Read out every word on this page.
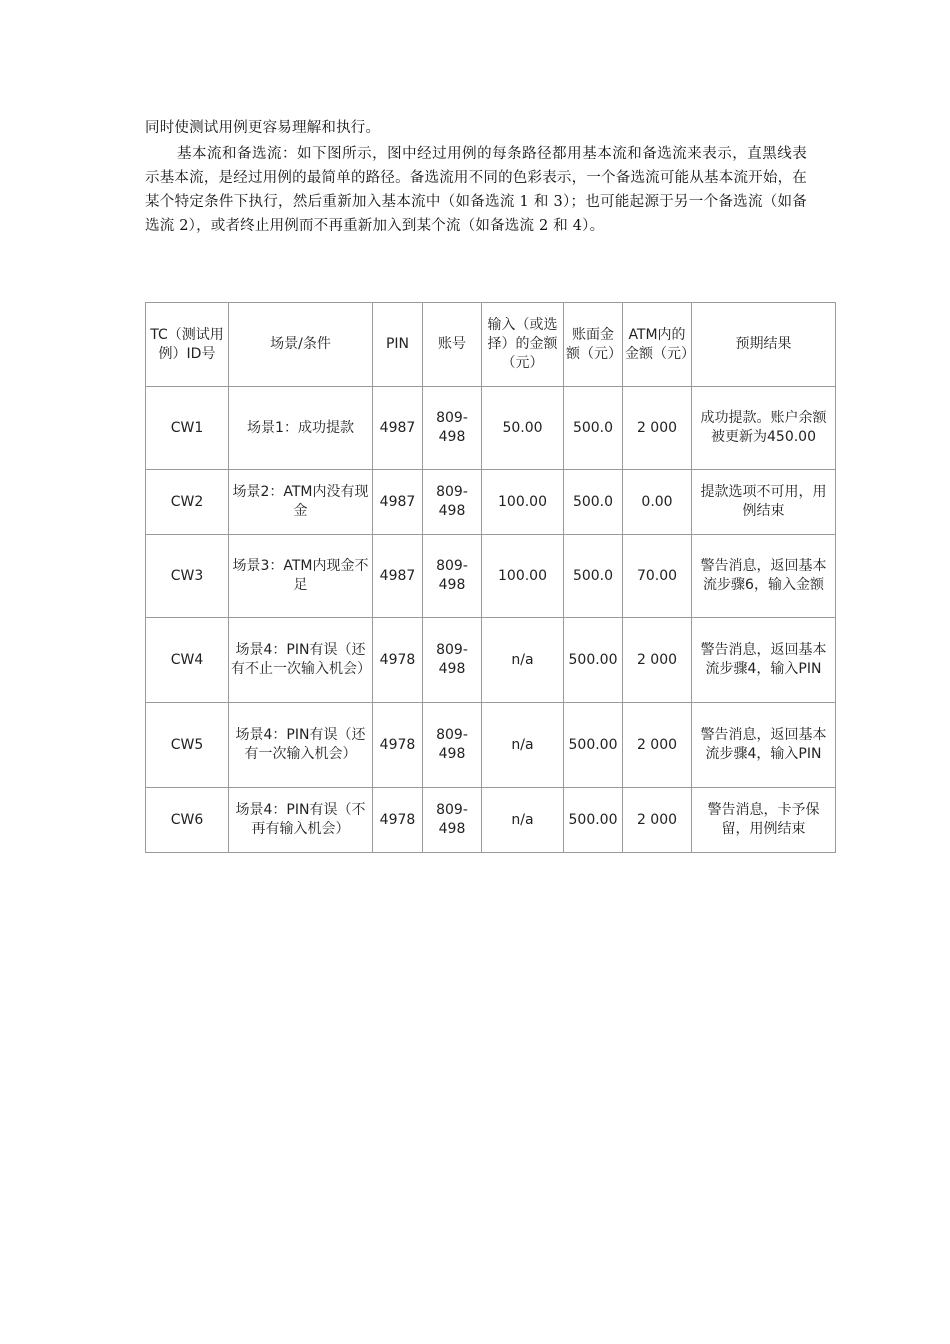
同时使测试用例更容易理解和执行。
基本流和备选流：如下图所示，图中经过用例的每条路径都用基本流和备选流来表示，直黑线表示基本流，是经过用例的最简单的路径。备选流用不同的色彩表示，一个备选流可能从基本流开始，在某个特定条件下执行，然后重新加入基本流中（如备选流 1 和 3）；也可能起源于另一个备选流（如备选流 2），或者终止用例而不再重新加入到某个流（如备选流 2 和 4）。
TC（测试用例）ID号	场景/条件	PIN	账号	输入（或选择）的金额（元）	账面金额（元）	ATM内的金额（元）	预期结果
CW1	场景1：成功提款	4987	809-498	50.00	500.0	2 000	成功提款。账户余额被更新为450.00
CW2	场景2：ATM内没有现金	4987	809-498	100.00	500.0	0.00	提款选项不可用，用例结束
CW3	场景3：ATM内现金不足	4987	809-498	100.00	500.0	70.00	警告消息，返回基本流步骤6，输入金额
CW4	场景4：PIN有误（还有不止一次输入机会）	4978	809-498	n/a	500.00	2 000	警告消息，返回基本流步骤4，输入PIN
CW5	场景4：PIN有误（还有一次输入机会）	4978	809-498	n/a	500.00	2 000	警告消息，返回基本流步骤4，输入PIN
CW6	场景4：PIN有误（不再有输入机会）	4978	809-498	n/a	500.00	2 000	警告消息，卡予保留，用例结束
